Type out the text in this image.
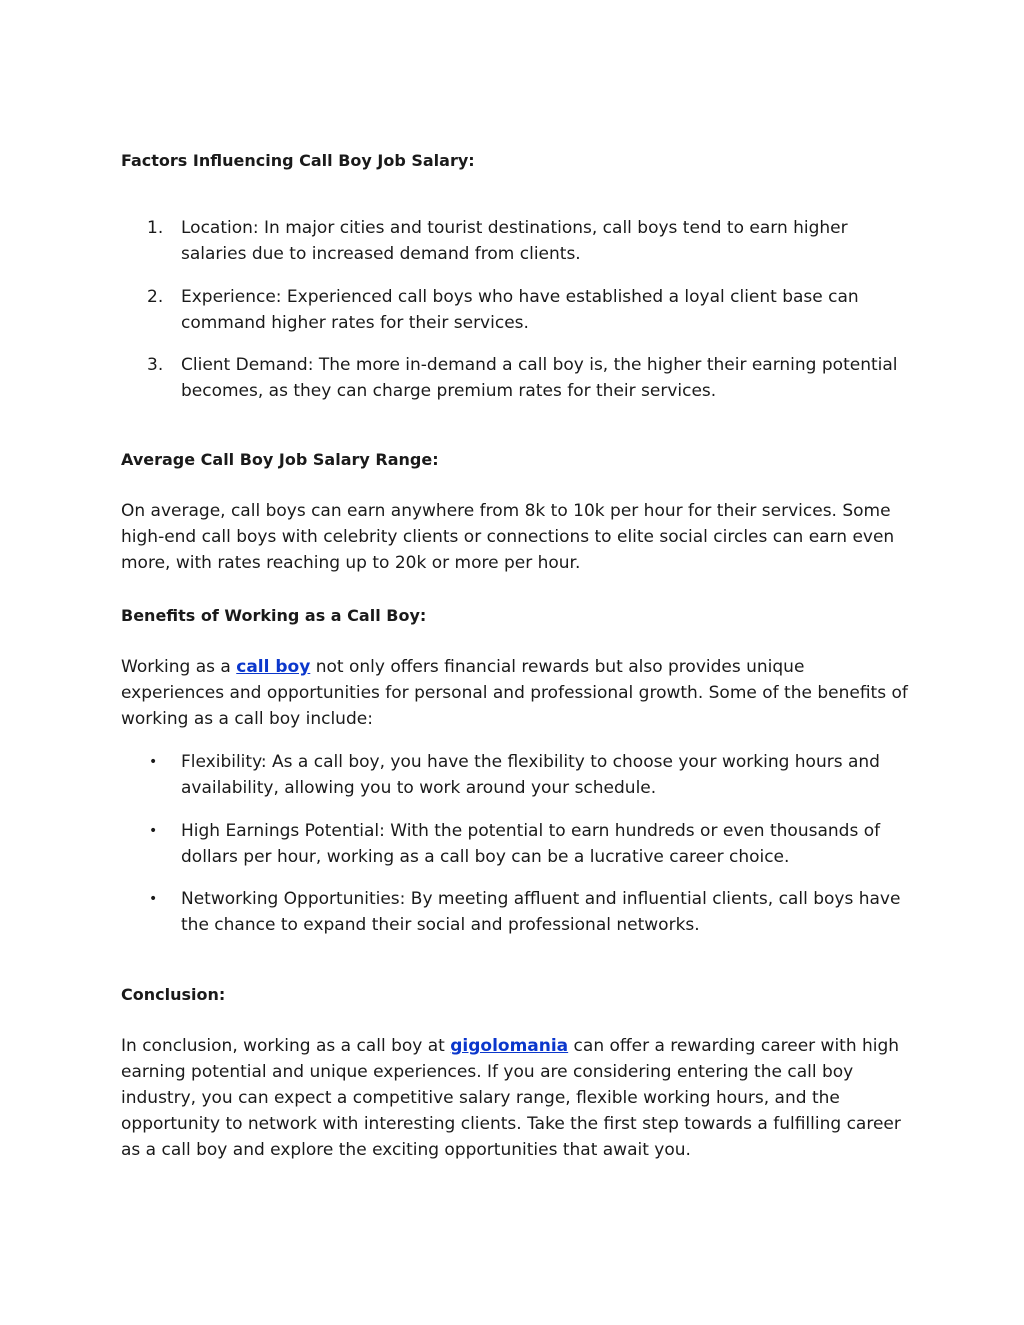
Factors Influencing Call Boy Job Salary:
1.	Location: In major cities and tourist destinations, call boys tend to earn higher salaries due to increased demand from clients.
2.	Experience: Experienced call boys who have established a loyal client base can command higher rates for their services.
3.	Client Demand: The more in-demand a call boy is, the higher their earning potential becomes, as they can charge premium rates for their services.
Average Call Boy Job Salary Range:
On average, call boys can earn anywhere from 8k to 10k per hour for their services. Some high-end call boys with celebrity clients or connections to elite social circles can earn even more, with rates reaching up to 20k or more per hour.
Benefits of Working as a Call Boy:
Working as a call boy not only offers financial rewards but also provides unique experiences and opportunities for personal and professional growth. Some of the benefits of working as a call boy include:
• Flexibility: As a call boy, you have the flexibility to choose your working hours and availability, allowing you to work around your schedule.
• High Earnings Potential: With the potential to earn hundreds or even thousands of dollars per hour, working as a call boy can be a lucrative career choice.
• Networking Opportunities: By meeting affluent and influential clients, call boys have the chance to expand their social and professional networks.
Conclusion:
In conclusion, working as a call boy at gigolomania can offer a rewarding career with high earning potential and unique experiences. If you are considering entering the call boy industry, you can expect a competitive salary range, flexible working hours, and the opportunity to network with interesting clients. Take the first step towards a fulfilling career as a call boy and explore the exciting opportunities that await you.
